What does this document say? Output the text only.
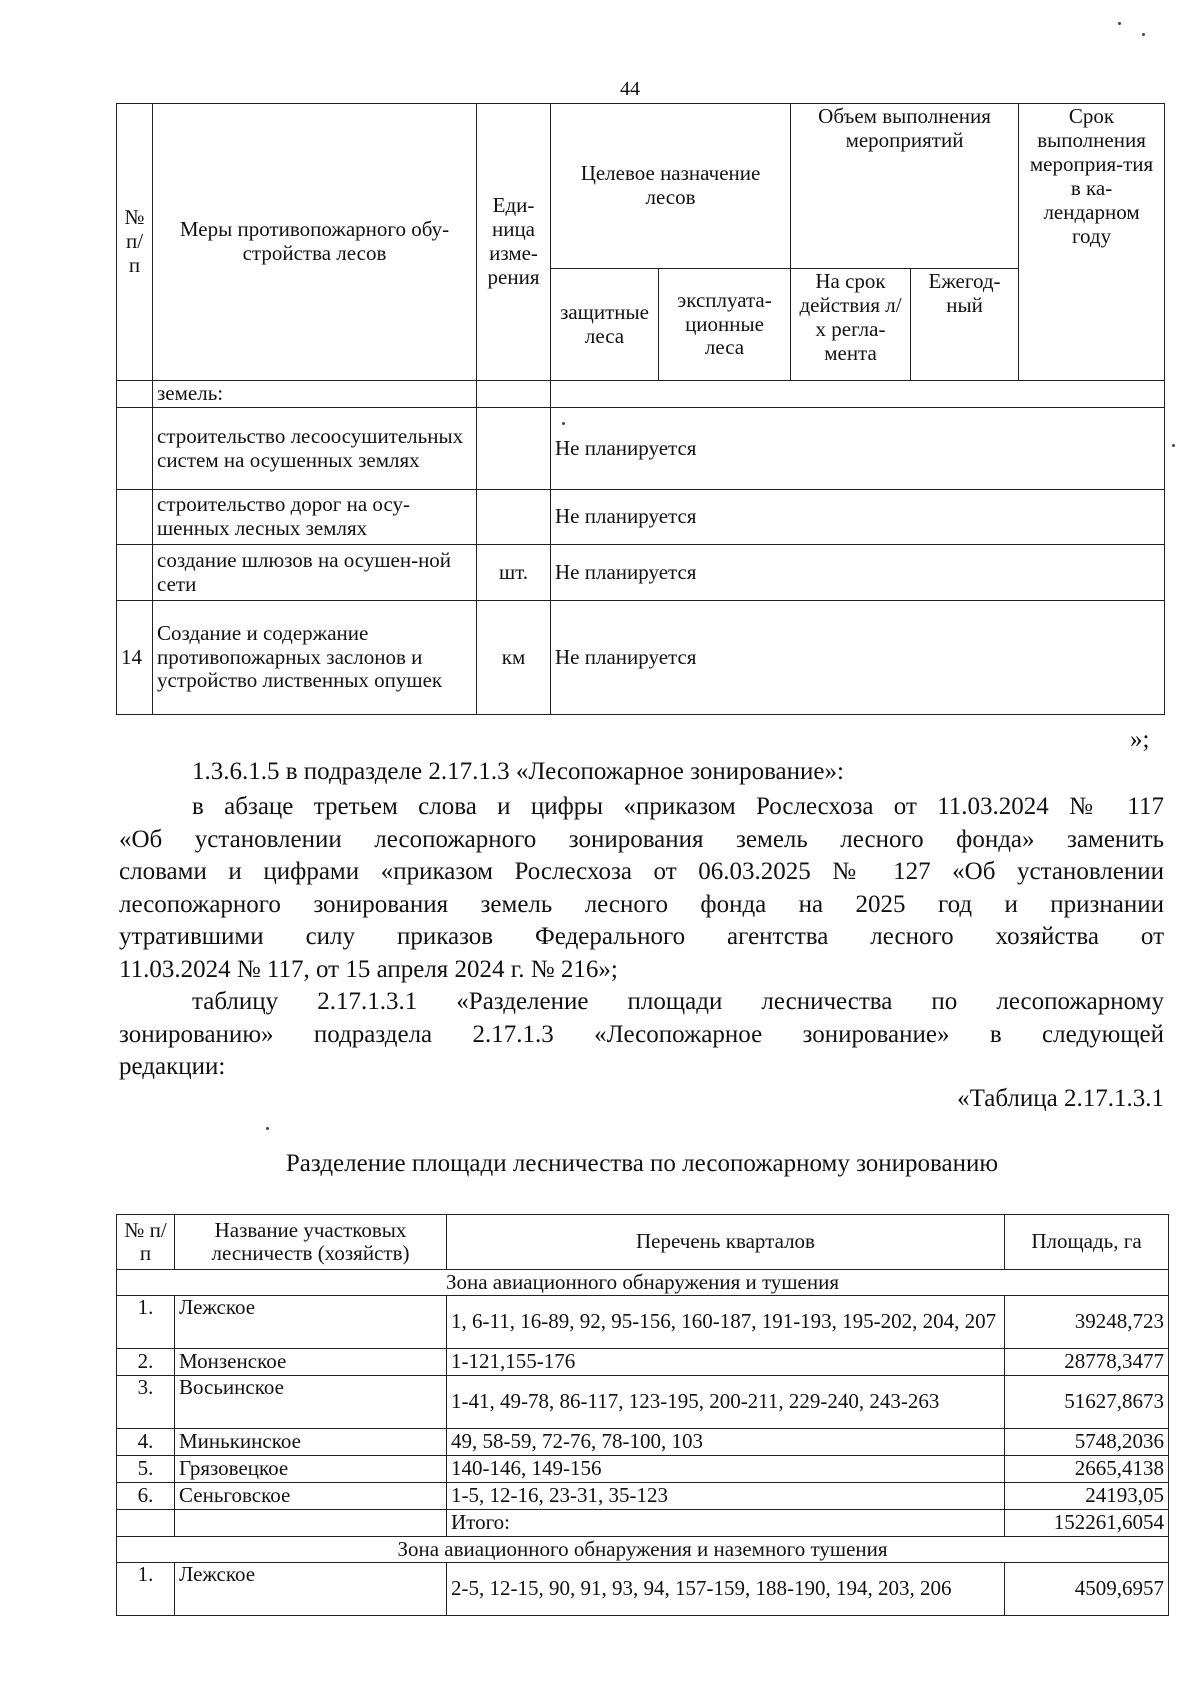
44
№ п/п	Меры противопожарного обу-стройства лесов	Еди-ница изме-рения	Целевое назначение лесов		Объем выполнения мероприятий		Срок выполнения мероприя-тия в ка-лендарном году
			защитные леса	эксплуата-ционные леса	На срок действия л/х регла-мента	Ежегод-ный	
	земель:						
	строительство лесоосушительных систем на осушенных землях		Не планируется				
	строительство дорог на осу-шенных лесных землях		Не планируется				
	создание шлюзов на осушен-ной сети	шт.	Не планируется				
14	Создание и содержание противопожарных заслонов и устройство лиственных опушек	км	Не планируется				
»;
1.3.6.1.5 в подразделе 2.17.1.3 «Лесопожарное зонирование»:
в абзаце третьем слова и цифры «приказом Рослесхоза от 11.03.2024 № 117
«Об установлении лесопожарного зонирования земель лесного фонда» заменить
словами и цифрами «приказом Рослесхоза от 06.03.2025 № 127 «Об установлении
лесопожарного зонирования земель лесного фонда на 2025 год и признании
утратившими силу приказов Федерального агентства лесного хозяйства от
11.03.2024 № 117, от 15 апреля 2024 г. № 216»;
таблицу 2.17.1.3.1 «Разделение площади лесничества по лесопожарному
зонированию» подраздела 2.17.1.3 «Лесопожарное зонирование» в следующей
редакции:
«Таблица 2.17.1.3.1
Разделение площади лесничества по лесопожарному зонированию
№ п/п	Название участковых лесничеств (хозяйств)	Перечень кварталов	Площадь, га
Зона авиационного обнаружения и тушения			
1.	Лежское	1, 6-11, 16-89, 92, 95-156, 160-187, 191-193, 195-202, 204, 207	39248,723
2.	Монзенское	1-121,155-176	28778,3477
3.	Восьинское	1-41, 49-78, 86-117, 123-195, 200-211, 229-240, 243-263	51627,8673
4.	Минькинское	49, 58-59, 72-76, 78-100, 103	5748,2036
5.	Грязовецкое	140-146, 149-156	2665,4138
6.	Сеньговское	1-5, 12-16, 23-31, 35-123	24193,05
		Итого:	152261,6054
Зона авиационного обнаружения и наземного тушения			
1.	Лежское	2-5, 12-15, 90, 91, 93, 94, 157-159, 188-190, 194, 203, 206	4509,6957
